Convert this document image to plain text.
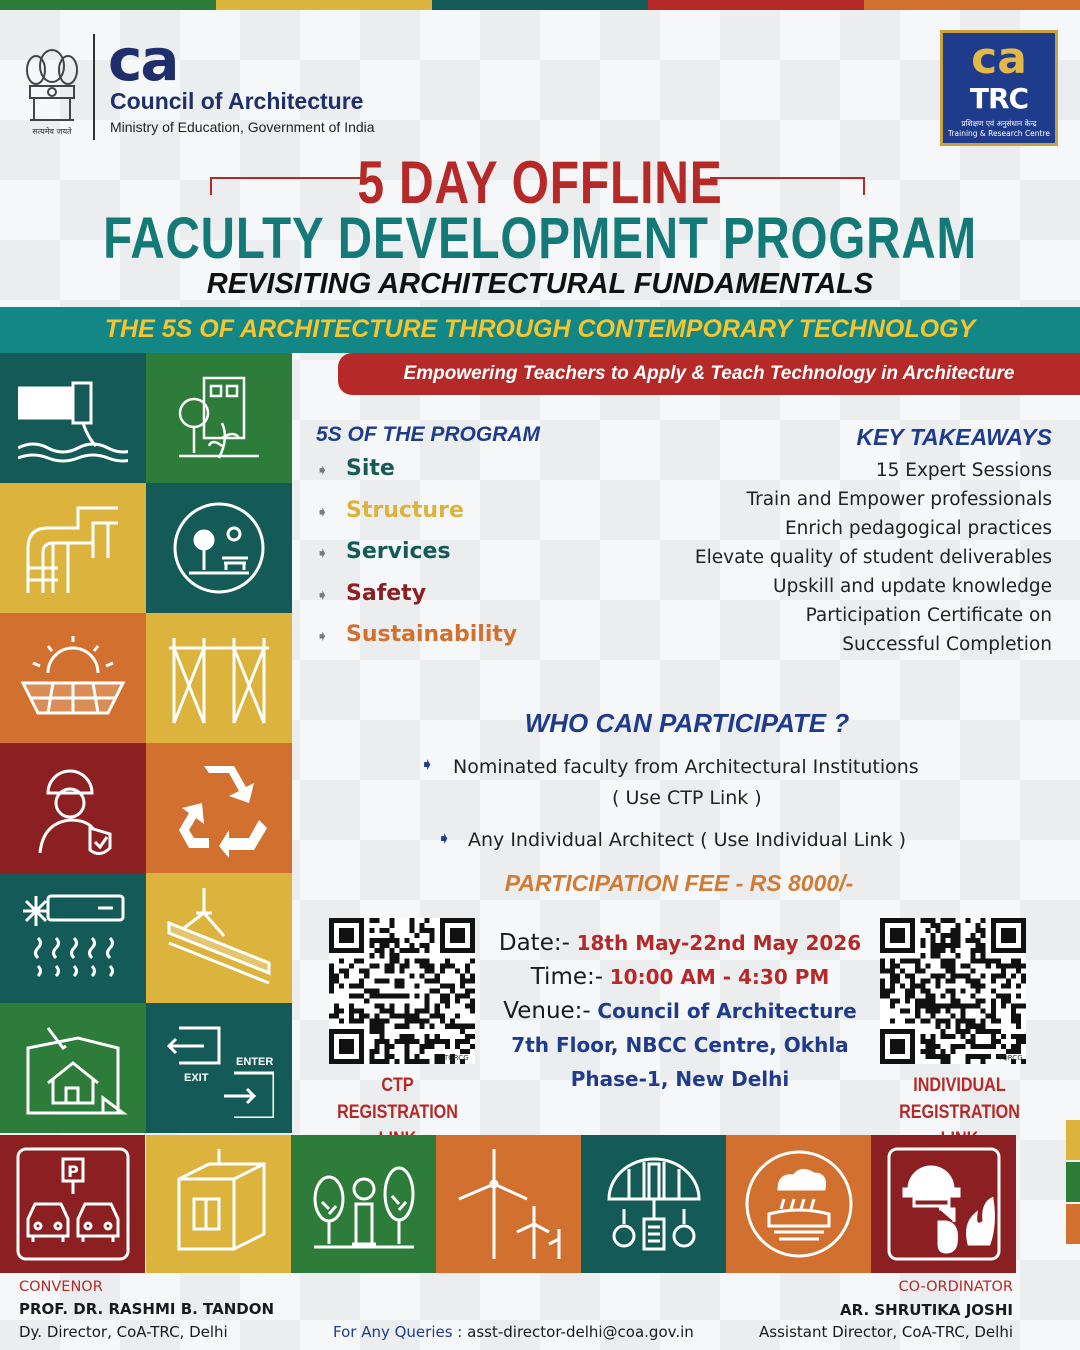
सत्यमेव जयते
ca
Council of Architecture
Ministry of Education, Government of India
ca
TRC
प्रशिक्षण एवं अनुसंधान केन्द्र
Training & Research Centre
5 DAY OFFLINE
FACULTY DEVELOPMENT PROGRAM
REVISITING ARCHITECTURAL FUNDAMENTALS
THE 5S OF ARCHITECTURE THROUGH CONTEMPORARY TECHNOLOGY
Empowering Teachers to Apply & Teach Technology in Architecture
EXIT
ENTER
5S OF THE PROGRAM
➧ Site
➧ Structure
➧ Services
➧ Safety
➧ Sustainability
KEY TAKEAWAYS
15 Expert Sessions
Train and Empower professionals
Enrich pedagogical practices
Elevate quality of student deliverables
Upskill and update knowledge
Participation Certificate on
Successful Completion
WHO CAN PARTICIPATE ?
➧ Nominated faculty from Architectural Institutions
( Use CTP Link )
➧ Any Individual Architect ( Use Individual Link )
PARTICIPATION FEE - RS 8000/-
TQRCG
CTP
REGISTRATION
TQRCG
INDIVIDUAL
REGISTRATION
Date:- 18th May-22nd May 2026
Time:- 10:00 AM - 4:30 PM
Venue:- Council of Architecture
7th Floor, NBCC Centre, Okhla
Phase-1, New Delhi
P
CONVENOR
PROF. DR. RASHMI B. TANDON
Dy. Director, CoA-TRC, Delhi	For Any Queries : asst-director-delhi@coa.gov.in
CO-ORDINATOR
AR. SHRUTIKA JOSHI
Assistant Director, CoA-TRC, Delhi
